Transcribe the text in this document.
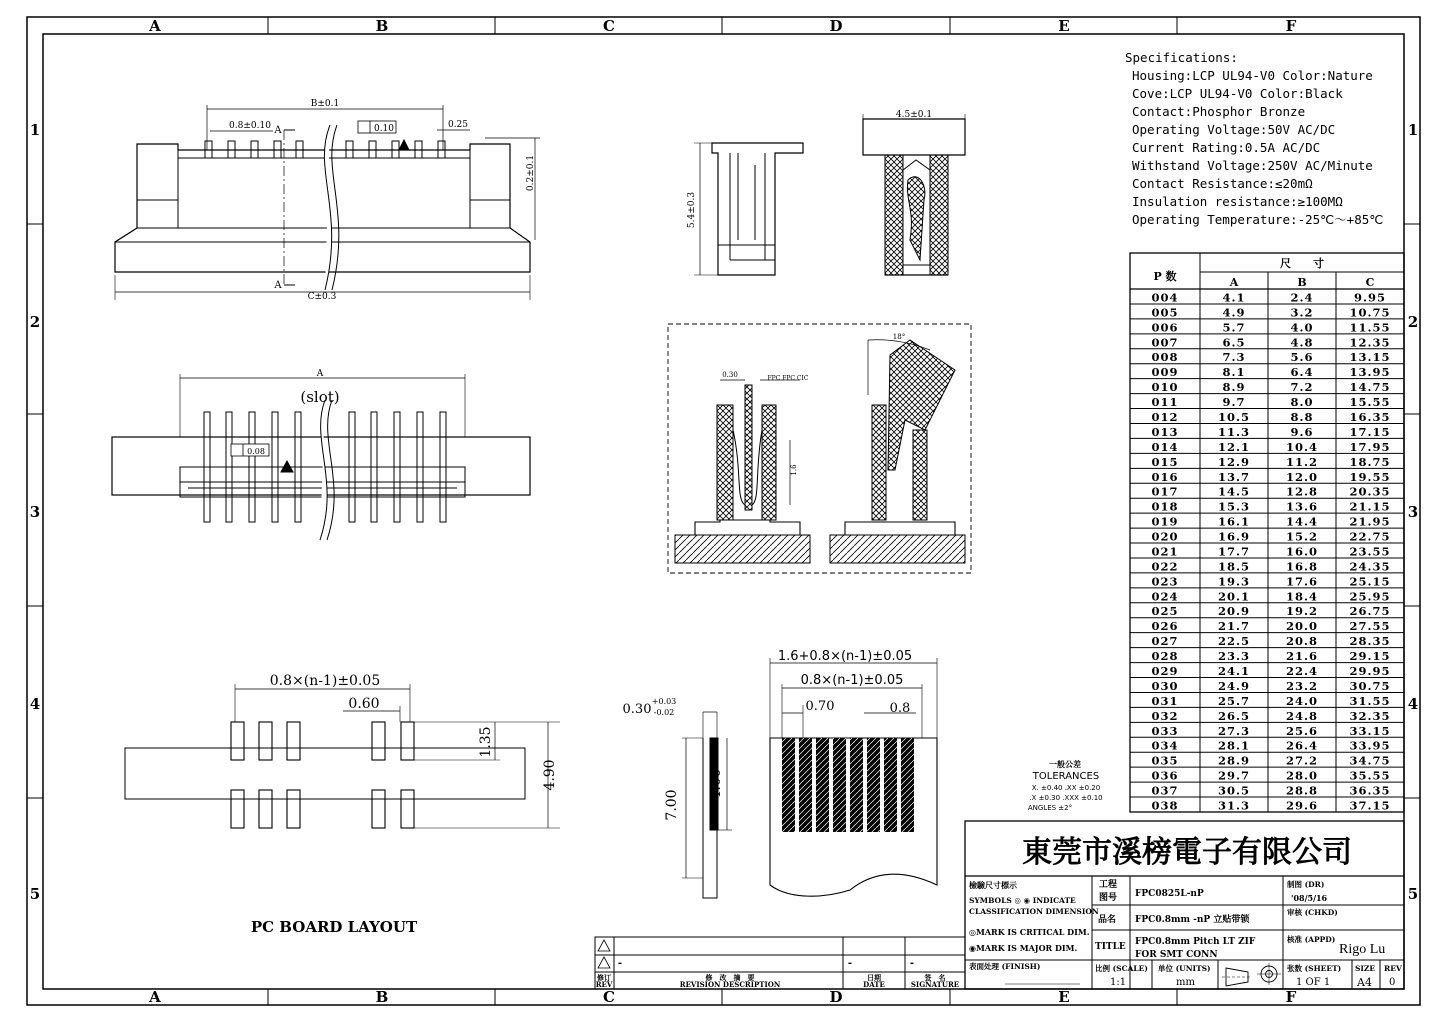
A	B	C	D	E	F
A	B	C	D	E	F
1
2
3
4
5
1
2
3
4
5
B±0.1
0.8±0.10	0.10	0.25
0.2±0.1
C±0.3
A
A
A
(slot)
0.08
5.4±0.3
4.5±0.1
0.30	FPC FPC CIC
1.6
18°
0.8×(n-1)±0.05
0.60
1.35
4.90
PC BOARD LAYOUT
0.30
+0.03
-0.02
7.00
4.00
1.6+0.8×(n-1)±0.05
0.8×(n-1)±0.05
0.70	0.8
Specifications:
Housing:LCP UL94-V0 Color:Nature
Cove:LCP UL94-V0 Color:Black
Contact:Phosphor Bronze
Operating Voltage:50V AC/DC
Current Rating:0.5A AC/DC
Withstand Voltage:250V AC/Minute
Contact Resistance:≤20mΩ
Insulation resistance:≥100MΩ
Operating Temperature:-25℃～+85℃
P 数
尺　　寸
A	B	C
004	4.1	2.4	9.95
005	4.9	3.2	10.75
006	5.7	4.0	11.55
007	6.5	4.8	12.35
008	7.3	5.6	13.15
009	8.1	6.4	13.95
010	8.9	7.2	14.75
011	9.7	8.0	15.55
012	10.5	8.8	16.35
013	11.3	9.6	17.15
014	12.1	10.4	17.95
015	12.9	11.2	18.75
016	13.7	12.0	19.55
017	14.5	12.8	20.35
018	15.3	13.6	21.15
019	16.1	14.4	21.95
020	16.9	15.2	22.75
021	17.7	16.0	23.55
022	18.5	16.8	24.35
023	19.3	17.6	25.15
024	20.1	18.4	25.95
025	20.9	19.2	26.75
026	21.7	20.0	27.55
027	22.5	20.8	28.35
028	23.3	21.6	29.15
029	24.1	22.4	29.95
030	24.9	23.2	30.75
031	25.7	24.0	31.55
032	26.5	24.8	32.35
033	27.3	25.6	33.15
034	28.1	26.4	33.95
035	28.9	27.2	34.75
036	29.7	28.0	35.55
037	30.5	28.8	36.35
038	31.3	29.6	37.15
一般公差
TOLERANCES
X. ±0.40 .XX ±0.20
.X ±0.30 .XXX ±0.10
ANGLES ±2°
東莞市溪榜電子有限公司
檢驗尺寸標示
SYMBOLS ◎ ◉ INDICATE
CLASSIFICATION DIMENSION
◎MARK IS CRITICAL DIM.
◉MARK IS MAJOR DIM.
表面处理 (FINISH)
工程
图号 FPC0825L-nP
品名 FPC0.8mm -nP 立贴带锁
TITLE FPC0.8mm Pitch LT ZIF
FOR SMT CONN
比例 (SCALE)
1:1
单位 (UNITS)
mm
制图 (DR)
'08/5/16
审核 (CHKD)
核准 (APPD)
Rigo Lu
张数 (SHEET)
1 OF 1
SIZE
A4
REV
0
-	-	-
修订
REV
修　改　摘　要
REVISION DESCRIPTION
日期
DATE
签　名
SIGNATURE
